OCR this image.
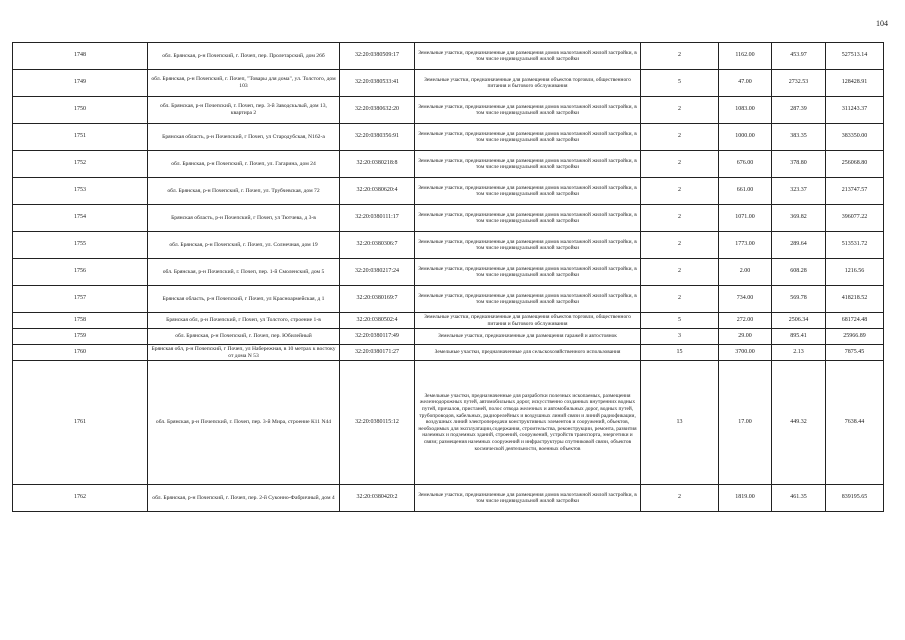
104
1748	обл. Брянская, р-н Почепский, г. Почеп, пер. Пролетарский, дом 26б	32:20:0380509:17	Земельные участки, предназначенные для размещения домов малоэтажной жилой застройки, в том числе индивидуальной жилой застройки	2	1162.00	453.97	527513.14
1749	обл. Брянская, р-н Почепский, г. Почеп, "Товары для дома", ул. Толстого, дом 103	32:20:0380533:41	Земельные участки, предназначенные для размещения объектов торговли, общественного питания и бытового обслуживания	5	47.00	2732.53	128428.91
1750	обл. Брянская, р-н Почепский, г. Почеп, пер. 3-й Заводскьлый, дом 13, квартира 2	32:20:0380632:20	Земельные участки, предназначенные для размещения домов малоэтажной жилой застройки, в том числе индивидуальной жилой застройки	2	1083.00	287.39	311243.37
1751	Брянская область, р-н Почепский, г Почеп, ул Стародубская, N162-а	32:20:0380356:91	Земельные участки, предназначенные для размещения домов малоэтажной жилой застройки, в том числе индивидуальной жилой застройки	2	1000.00	383.35	383350.00
1752	обл. Брянская, р-н Почепский, г. Почеп, ул. Гагарина, дом 24	32:20:0380218:8	Земельные участки, предназначенные для размещения домов малоэтажной жилой застройки, в том числе индивидуальной жилой застройки	2	676.00	378.80	256068.80
1753	обл. Брянская, р-н Почепский, г. Почеп, ул. Трубчевская, дом 72	32:20:0380620:4	Земельные участки, предназначенные для размещения домов малоэтажной жилой застройки, в том числе индивидуальной жилой застройки	2	661.00	323.37	213747.57
1754	Брянская область, р-н Почепский, г Почеп, ул Тютчева, д 3-в	32:20:0380111:17	Земельные участки, предназначенные для размещения домов малоэтажной жилой застройки, в том числе индивидуальной жилой застройки	2	1071.00	369.82	396077.22
1755	обл. Брянская, р-н Почепский, г. Почеп, ул. Солнечная, дом 19	32:20:0380306:7	Земельные участки, предназначенные для размещения домов малоэтажной жилой застройки, в том числе индивидуальной жилой застройки	2	1773.00	289.64	513531.72
1756	обл. Брянская, р-н Почепский, г. Почеп, пер. 1-й Смоленский, дом 5	32:20:0380217:24	Земельные участки, предназначенные для размещения домов малоэтажной жилой застройки, в том числе индивидуальной жилой застройки	2	2.00	608.28	1216.56
1757	Брянская область, р-н Почепский, г Почеп, ул Красноармейская, д 1	32:20:0380169:7	Земельные участки, предназначенные для размещения домов малоэтажной жилой застройки, в том числе индивидуальной жилой застройки	2	734.00	569.78	418218.52
1758	Брянская обл, р-н Почепский, г Почеп, ул Толстого, строение 1-в	32:20:0380502:4	Земельные участки, предназначенные для размещения объектов торговли, общественного питания и бытового обслуживания	5	272.00	2506.34	681724.48
1759	обл. Брянская, р-н Почепский, г. Почеп, пер. Юбилейный	32:20:0380117:49	Земельные участки, предназначенные для размещения гаражей и автостоянок	3	29.00	895.41	25966.89
1760	Брянская обл, р-н Почепский, г Почеп, ул Набережная, в 10 метрах к востоку от дома N 53	32:20:0380171:27	Земельные участки, предназначенные для сельскохозяйственного использования	15	3700.00	2.13	7875.45
1761	обл. Брянская, р-н Почепский, г. Почеп, пер. 3-й Мира, строение К11 N44	32:20:0380115:12	Земельные участки, предназначенные для разработки полезных ископаемых, размещения железнодорожных путей, автомобильных дорог, искусственно созданных внутренних водных путей, причалов, пристаней, полос отвода железных и автомобильных дорог, водных путей, трубопроводов, кабельных, радиорелейных и воздушных линий связи и линий радиофикации, воздушных линий электропередачи конструктивных элементов и сооружений, объектов, необходимых для эксплуатации,содержания, строительства, реконструкции, ремонта, развития наземных и подземных зданий, строений, сооружений, устройств транспорта, энергетики и связи; размещения наземных сооружений и инфраструктуры спутниковой связи, объектов космической деятельности, военных объектов	13	17.00	449.32	7638.44
1762	обл. Брянская, р-н Почепский, г. Почеп, пер. 2-й Суконно-Фабричный, дом 4	32:20:0380420:2	Земельные участки, предназначенные для размещения домов малоэтажной жилой застройки, в том числе индивидуальной жилой застройки	2	1819.00	461.35	839195.65
